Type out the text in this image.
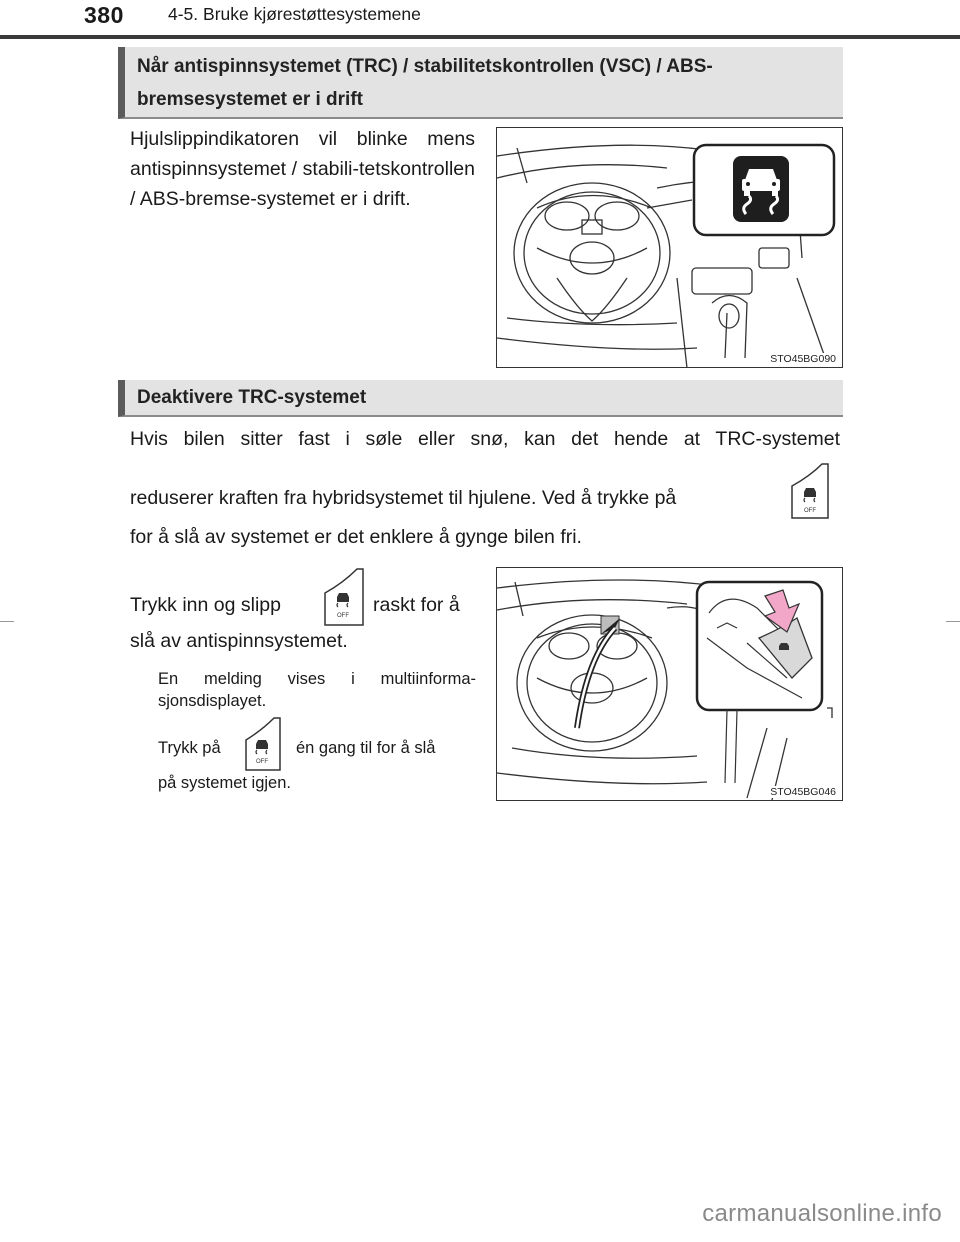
380	4-5. Bruke kjørestøttesystemene
Når antispinnsystemet (TRC) / stabilitetskontrollen (VSC) / ABS-
bremsesystemet er i drift
Hjulslippindikatoren vil blinke mens antispinnsystemet / stabili-tetskontrollen / ABS-bremse-systemet er i drift.
STO45BG090
Deaktivere TRC-systemet
Hvis bilen sitter fast i søle eller snø, kan det hende at TRC-systemet
reduserer kraften fra hybridsystemet til hjulene. Ved å trykke på
OFF
for å slå av systemet er det enklere å gynge bilen fri.
Trykk inn og slipp	OFF raskt for å
slå av antispinnsystemet.
En melding vises i multiinforma-sjonsdisplayet.
Trykk på
OFF
én gang til for å slå
på systemet igjen.	STO45BG046
carmanualsonline.info
